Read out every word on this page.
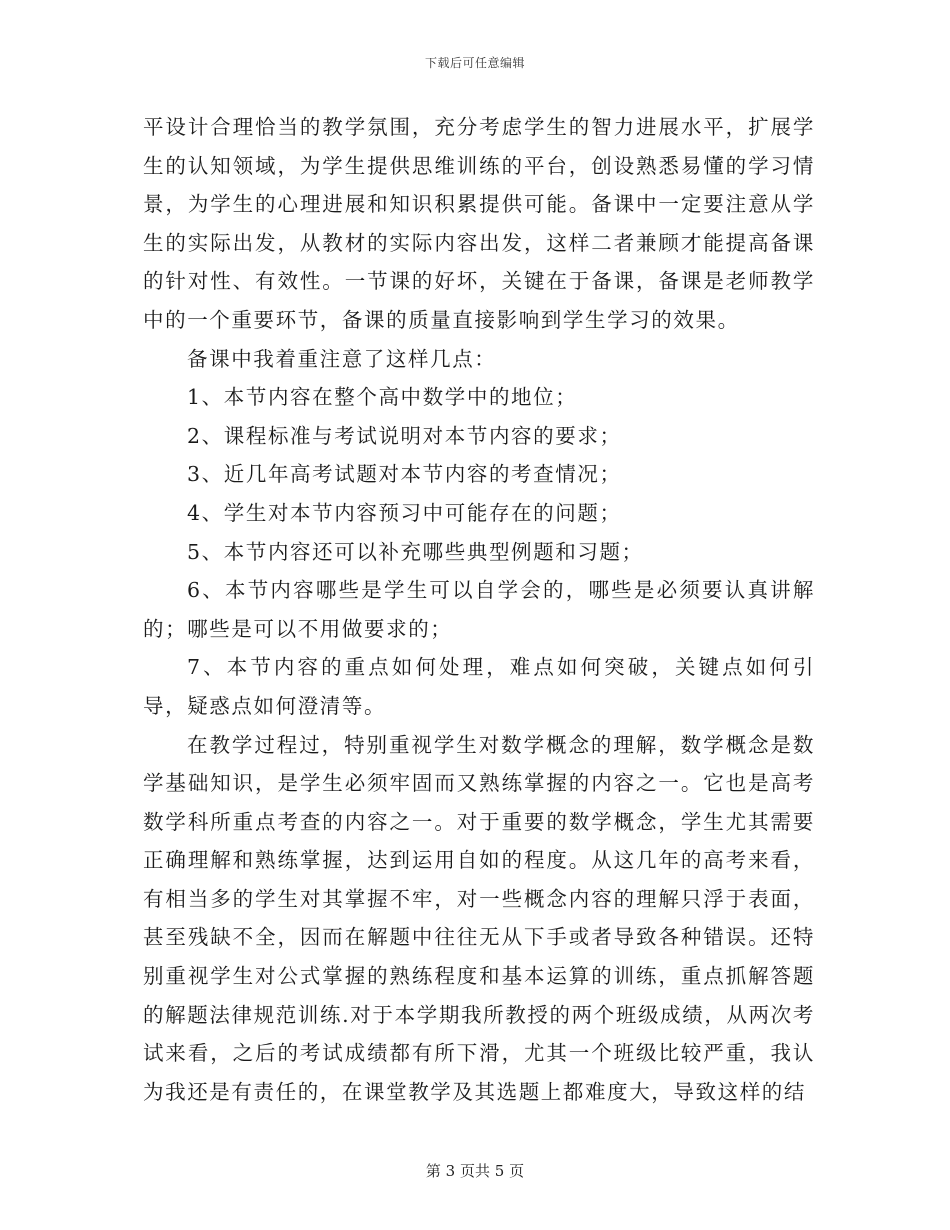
下载后可任意编辑

平设计合理恰当的教学氛围，充分考虑学生的智力进展水平，扩展学生的认知领域，为学生提供思维训练的平台，创设熟悉易懂的学习情景，为学生的心理进展和知识积累提供可能。备课中一定要注意从学生的实际出发，从教材的实际内容出发，这样二者兼顾才能提高备课的针对性、有效性。一节课的好坏，关键在于备课，备课是老师教学中的一个重要环节，备课的质量直接影响到学生学习的效果。

备课中我着重注意了这样几点：

1、本节内容在整个高中数学中的地位；

2、课程标准与考试说明对本节内容的要求；

3、近几年高考试题对本节内容的考查情况；

4、学生对本节内容预习中可能存在的问题；

5、本节内容还可以补充哪些典型例题和习题；

6、本节内容哪些是学生可以自学会的，哪些是必须要认真讲解的；哪些是可以不用做要求的；

7、本节内容的重点如何处理，难点如何突破，关键点如何引导，疑惑点如何澄清等。

在教学过程过，特别重视学生对数学概念的理解，数学概念是数学基础知识，是学生必须牢固而又熟练掌握的内容之一。它也是高考数学科所重点考查的内容之一。对于重要的数学概念，学生尤其需要正确理解和熟练掌握，达到运用自如的程度。从这几年的高考来看，有相当多的学生对其掌握不牢，对一些概念内容的理解只浮于表面，甚至残缺不全，因而在解题中往往无从下手或者导致各种错误。还特别重视学生对公式掌握的熟练程度和基本运算的训练，重点抓解答题的解题法律规范训练.对于本学期我所教授的两个班级成绩，从两次考试来看，之后的考试成绩都有所下滑，尤其一个班级比较严重，我认为我还是有责任的，在课堂教学及其选题上都难度大，导致这样的结

第 3 页共 5 页
